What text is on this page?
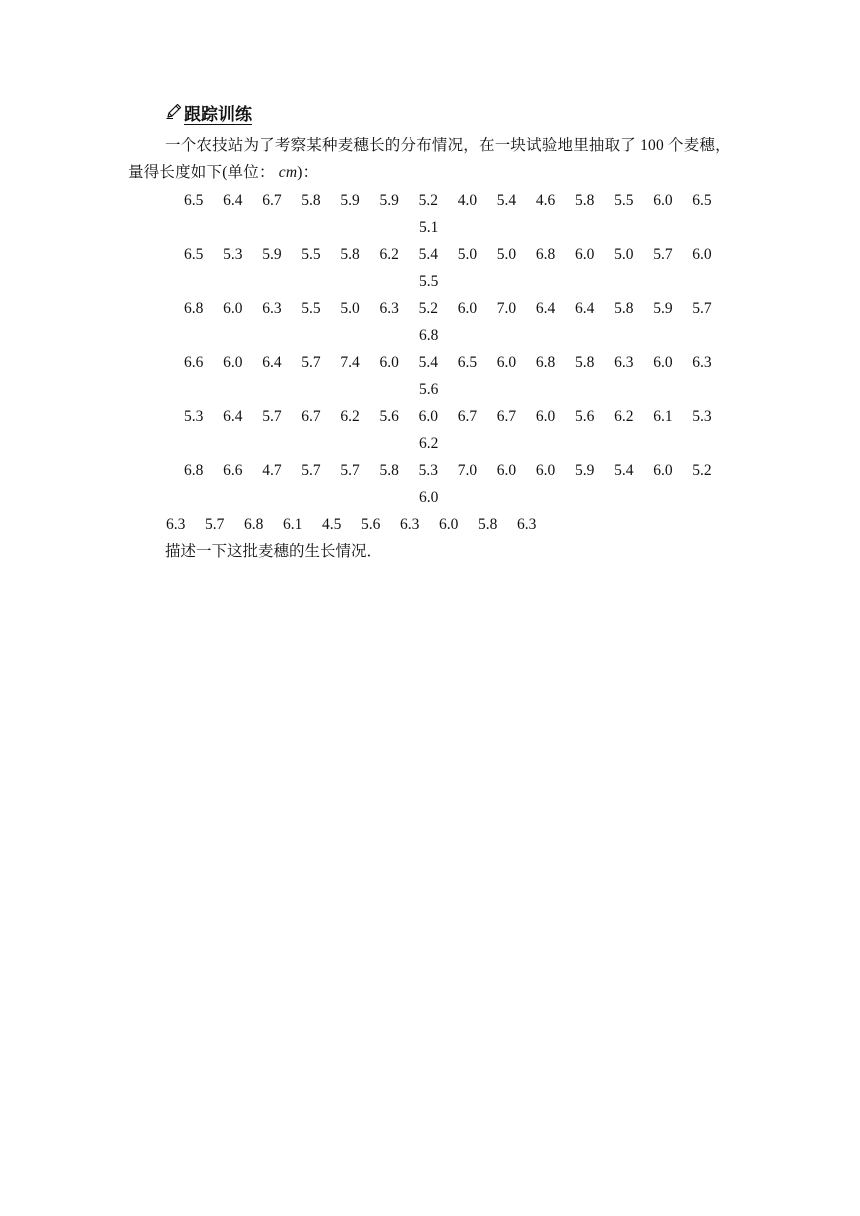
跟踪训练
一个农技站为了考察某种麦穗长的分布情况，在一块试验地里抽取了 100 个麦穗，量得长度如下(单位： cm)：
6.5	6.4	6.7	5.8	5.9	5.9	5.2	4.0	5.4	4.6	5.8	5.5	6.0	6.5
5.1
6.5	5.3	5.9	5.5	5.8	6.2	5.4	5.0	5.0	6.8	6.0	5.0	5.7	6.0
5.5
6.8	6.0	6.3	5.5	5.0	6.3	5.2	6.0	7.0	6.4	6.4	5.8	5.9	5.7
6.8
6.6	6.0	6.4	5.7	7.4	6.0	5.4	6.5	6.0	6.8	5.8	6.3	6.0	6.3
5.6
5.3	6.4	5.7	6.7	6.2	5.6	6.0	6.7	6.7	6.0	5.6	6.2	6.1	5.3
6.2
6.8	6.6	4.7	5.7	5.7	5.8	5.3	7.0	6.0	6.0	5.9	5.4	6.0	5.2
6.0
6.3	5.7	6.8	6.1	4.5	5.6	6.3	6.0	5.8	6.3
描述一下这批麦穗的生长情况．
